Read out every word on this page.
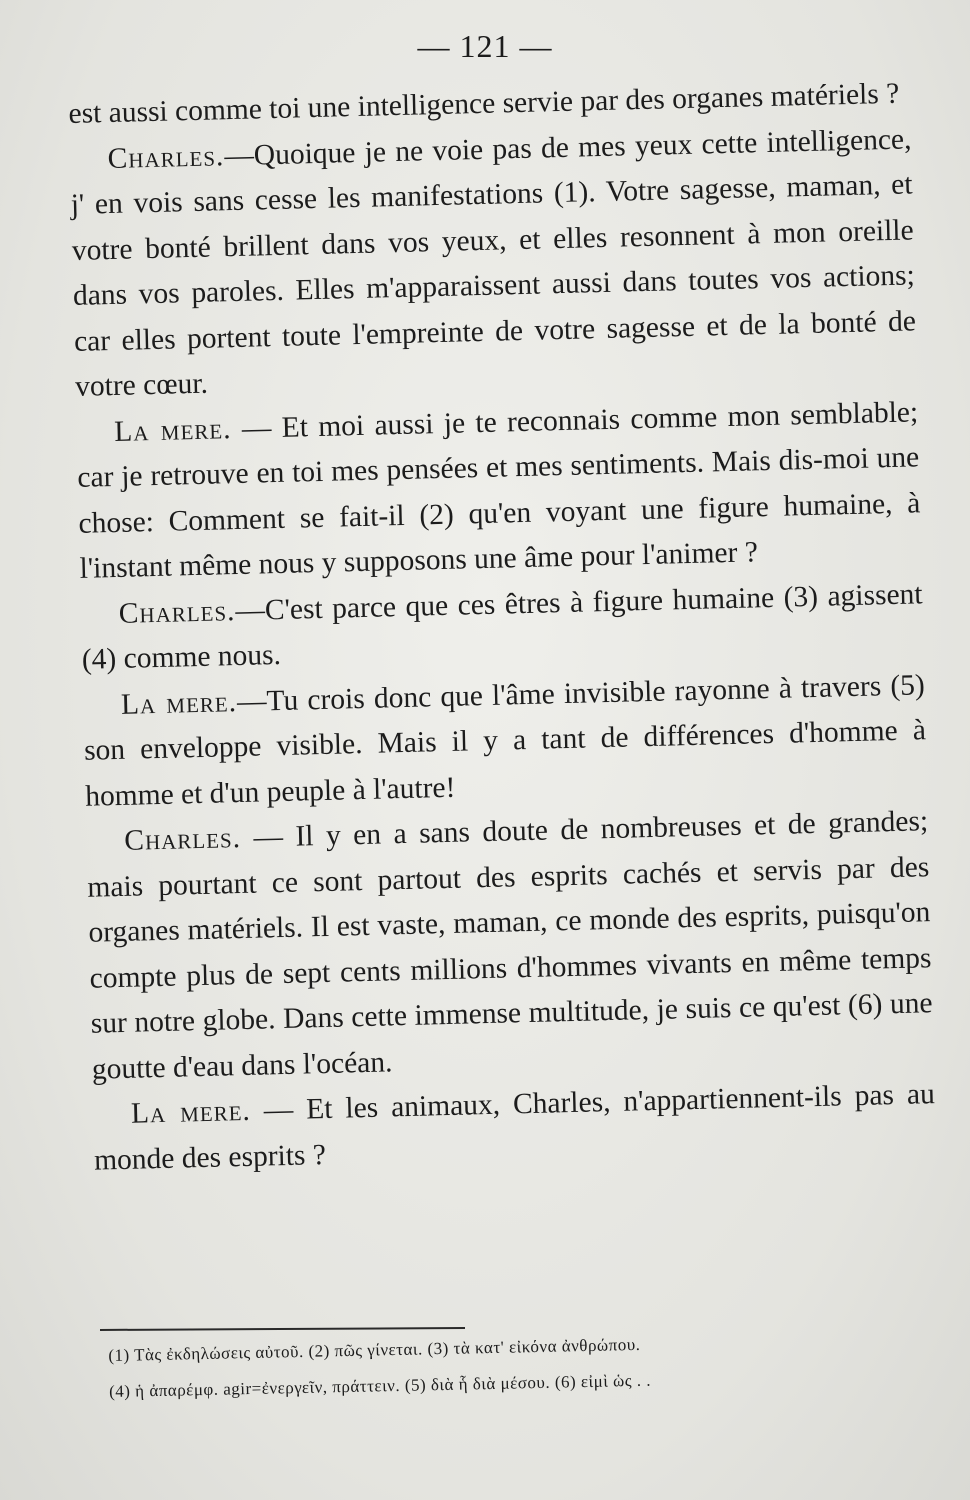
— 121 —

est aussi comme toi une intelligence servie par des organes matériels ?

Charles.—Quoique je ne voie pas de mes yeux cette intelligence, j' en vois sans cesse les manifestations (1). Votre sagesse, maman, et votre bonté brillent dans vos yeux, et elles resonnent à mon oreille dans vos paroles. Elles m'apparaissent aussi dans toutes vos actions; car elles portent toute l'empreinte de votre sagesse et de la bonté de votre cœur.

La mere. — Et moi aussi je te reconnais comme mon semblable; car je retrouve en toi mes pensées et mes sentiments. Mais dis-moi une chose: Comment se fait-il (2) qu'en voyant une figure humaine, à l'instant même nous y supposons une âme pour l'animer ?

Charles.—C'est parce que ces êtres à figure humaine (3) agissent (4) comme nous.

La mere.—Tu crois donc que l'âme invisible rayonne à travers (5) son enveloppe visible. Mais il y a tant de différences d'homme à homme et d'un peuple à l'autre!

Charles. — Il y en a sans doute de nombreuses et de grandes; mais pourtant ce sont partout des esprits cachés et servis par des organes matériels. Il est vaste, maman, ce monde des esprits, puisqu'on compte plus de sept cents millions d'hommes vivants en même temps sur notre globe. Dans cette immense multitude, je suis ce qu'est (6) une goutte d'eau dans l'océan.

La mere. — Et les animaux, Charles, n'appartiennent-ils pas au monde des esprits ?

(1) Τὰς ἐκδηλώσεις αὐτοῦ. (2) πῶς γίνεται. (3) τὰ κατ' εἰκόνα ἀνθρώπου.
(4) ἡ ἀπαρέμφ. agir=ἐνεργεῖν, πράττειν. (5) διὰ ἧ διὰ μέσου. (6) εἰμὶ ὡς . .
